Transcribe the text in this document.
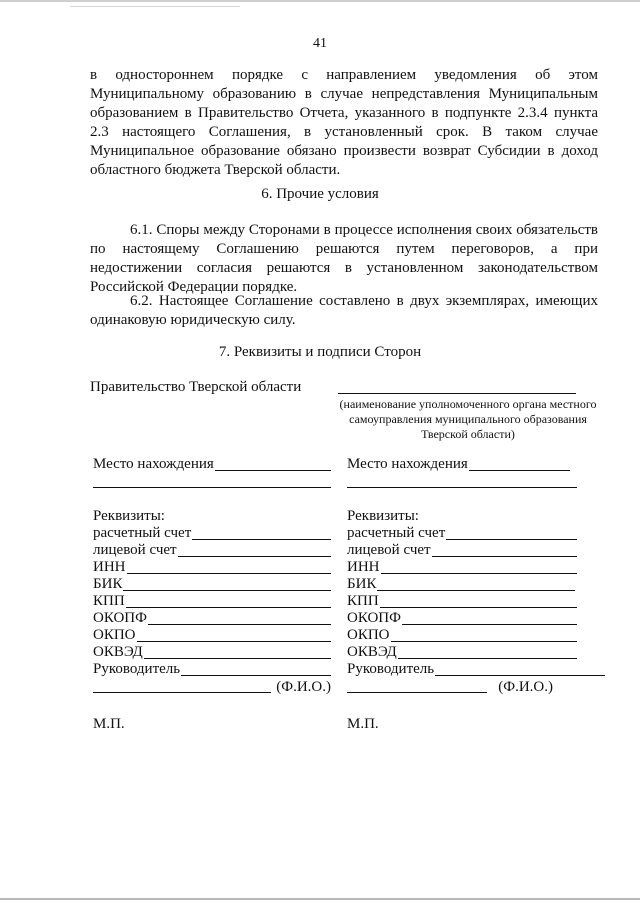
41

в одностороннем порядке с направлением уведомления об этом Муниципальному образованию в случае непредставления Муниципальным образованием в Правительство Отчета, указанного в подпункте 2.3.4 пункта 2.3 настоящего Соглашения, в установленный срок. В таком случае Муниципальное образование обязано произвести возврат Субсидии в доход областного бюджета Тверской области.

6. Прочие условия

6.1. Споры между Сторонами в процессе исполнения своих обязательств по настоящему Соглашению решаются путем переговоров, а при недостижении согласия решаются в установленном законодательством Российской Федерации порядке.

6.2. Настоящее Соглашение составлено в двух экземплярах, имеющих одинаковую юридическую силу.

7. Реквизиты и подписи Сторон

Правительство Тверской области
(наименование уполномоченного органа местного самоуправления муниципального образования Тверской области)
Место нахождения
Реквизиты:
расчетный счет
лицевой счет
ИНН
БИК
КПП
ОКОПФ
ОКПО
ОКВЭД
Руководитель
(Ф.И.О.)
Место нахождения
Реквизиты:
расчетный счет
лицевой счет
ИНН
БИК
КПП
ОКОПФ
ОКПО
ОКВЭД
Руководитель
(Ф.И.О.)
М.П.	М.П.
